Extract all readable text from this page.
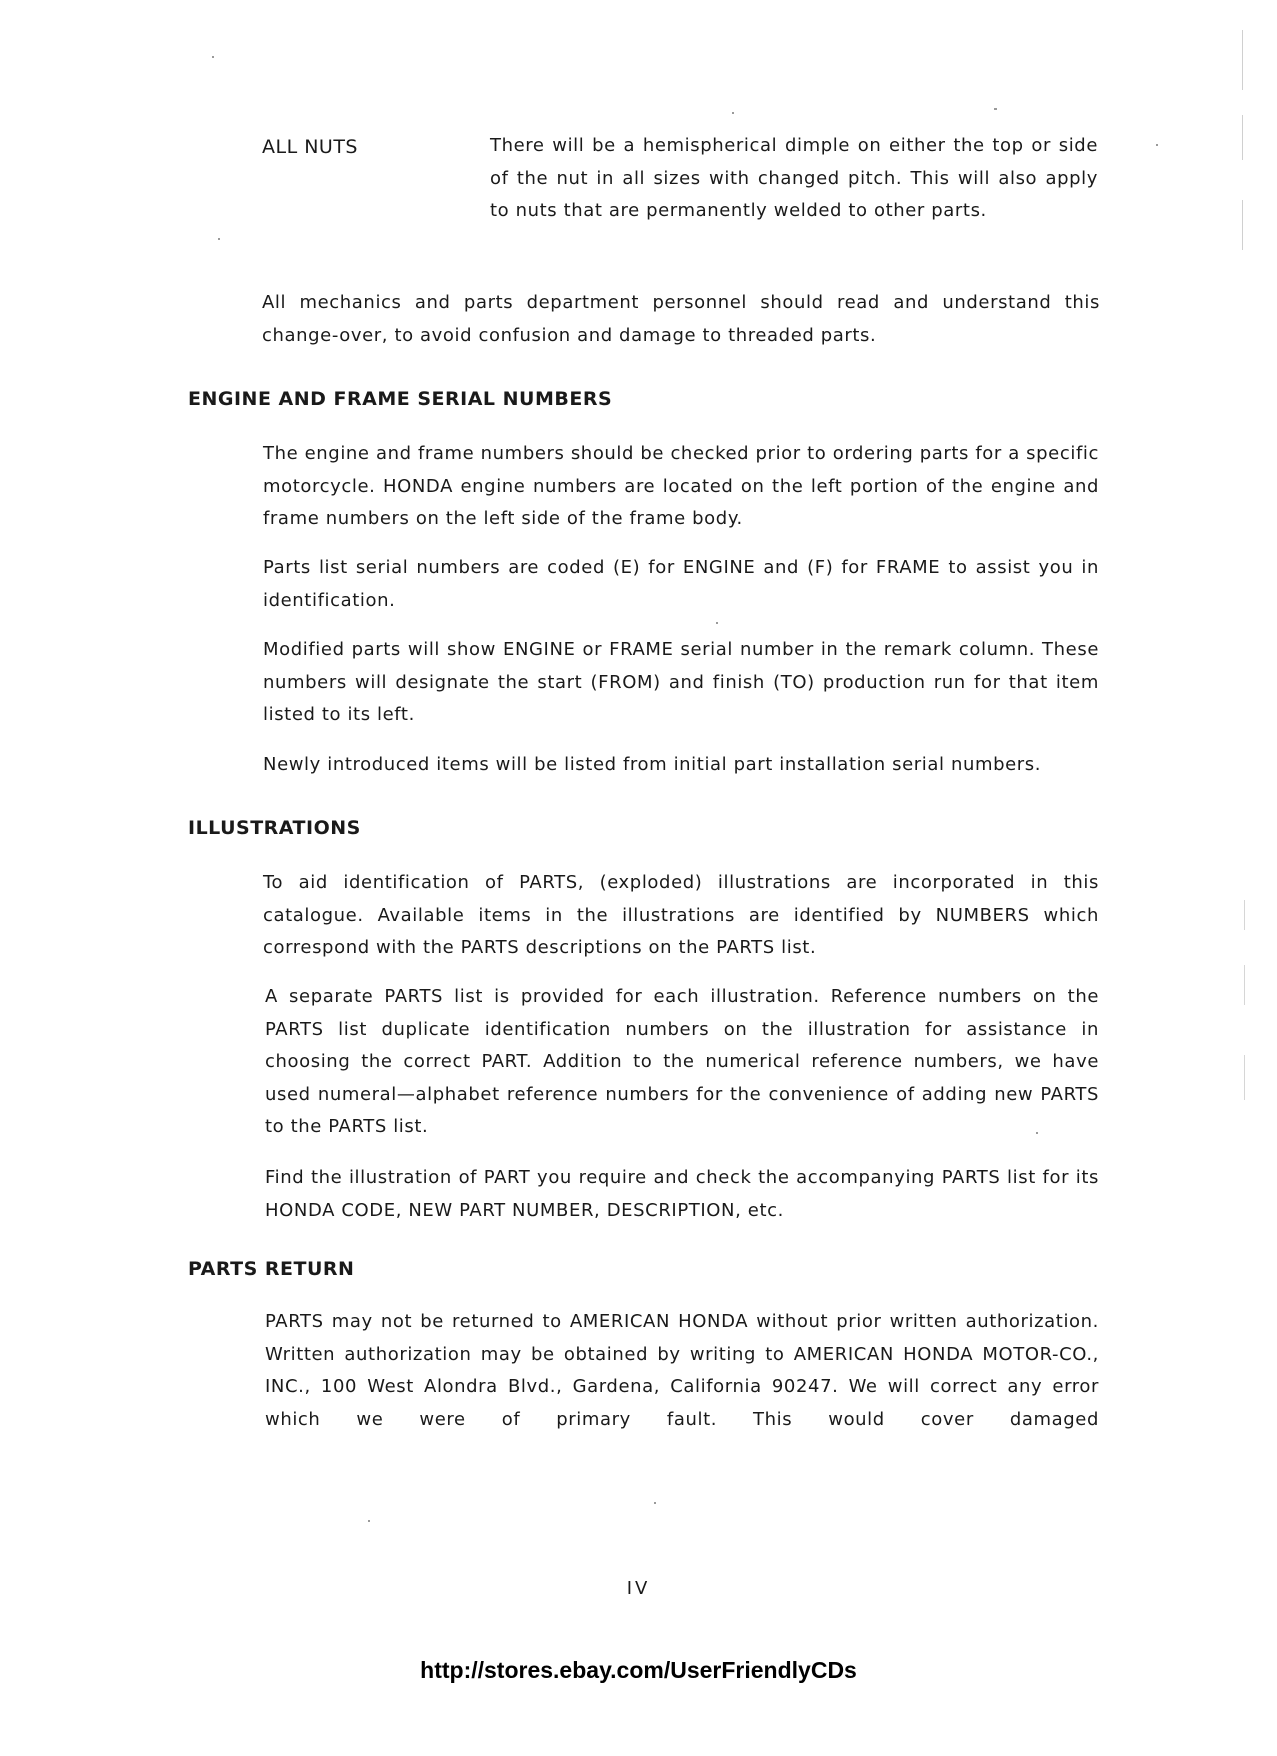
ALL NUTS	There will be a hemispherical dimple on either the top or side of the nut in all sizes with changed pitch. This will also apply to nuts that are permanently welded to other parts.

All mechanics and parts department personnel should read and understand this change-over, to avoid confusion and damage to threaded parts.

ENGINE AND FRAME SERIAL NUMBERS

The engine and frame numbers should be checked prior to ordering parts for a specific motorcycle. HONDA engine numbers are located on the left portion of the engine and frame numbers on the left side of the frame body.

Parts list serial numbers are coded (E) for ENGINE and (F) for FRAME to assist you in identification.

Modified parts will show ENGINE or FRAME serial number in the remark column. These numbers will designate the start (FROM) and finish (TO) production run for that item listed to its left.

Newly introduced items will be listed from initial part installation serial numbers.

ILLUSTRATIONS

To aid identification of PARTS, (exploded) illustrations are incorporated in this catalogue. Available items in the illustrations are identified by NUMBERS which correspond with the PARTS descriptions on the PARTS list.

A separate PARTS list is provided for each illustration. Reference numbers on the PARTS list duplicate identification numbers on the illustration for assistance in choosing the correct PART. Addition to the numerical reference numbers, we have used numeral—alphabet reference numbers for the convenience of adding new PARTS to the PARTS list.

Find the illustration of PART you require and check the accompanying PARTS list for its HONDA CODE, NEW PART NUMBER, DESCRIPTION, etc.

PARTS RETURN

PARTS may not be returned to AMERICAN HONDA without prior written authorization. Written authorization may be obtained by writing to AMERICAN HONDA MOTOR-CO., INC., 100 West Alondra Blvd., Gardena, California 90247. We will correct any error which we were of primary fault. This would cover damaged

IV
http://stores.ebay.com/UserFriendlyCDs
